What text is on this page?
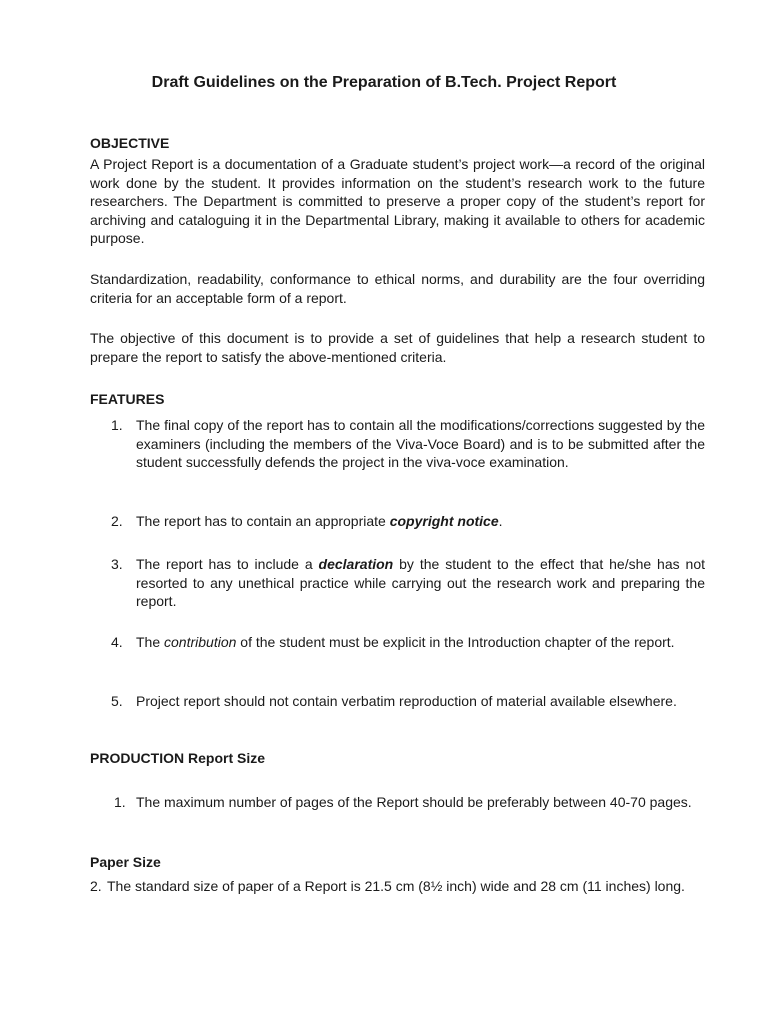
Draft Guidelines on the Preparation of B.Tech. Project Report
OBJECTIVE
A Project Report is a documentation of a Graduate student’s project work—a record of the original work done by the student. It provides information on the student’s research work to the future researchers. The Department is committed to preserve a proper copy of the student’s report for archiving and cataloguing it in the Departmental Library, making it available to others for academic purpose.
Standardization, readability, conformance to ethical norms, and durability are the four overriding criteria for an acceptable form of a report.
The objective of this document is to provide a set of guidelines that help a research student to prepare the report to satisfy the above-mentioned criteria.
FEATURES
1. The final copy of the report has to contain all the modifications/corrections suggested by the examiners (including the members of the Viva-Voce Board) and is to be submitted after the student successfully defends the project in the viva-voce examination.
2. The report has to contain an appropriate copyright notice.
3. The report has to include a declaration by the student to the effect that he/she has not resorted to any unethical practice while carrying out the research work and preparing the report.
4. The contribution of the student must be explicit in the Introduction chapter of the report.
5. Project report should not contain verbatim reproduction of material available elsewhere.
PRODUCTION Report Size
1. The maximum number of pages of the Report should be preferably between 40-70 pages.
Paper Size
2. The standard size of paper of a Report is 21.5 cm (8½ inch) wide and 28 cm (11 inches) long.
